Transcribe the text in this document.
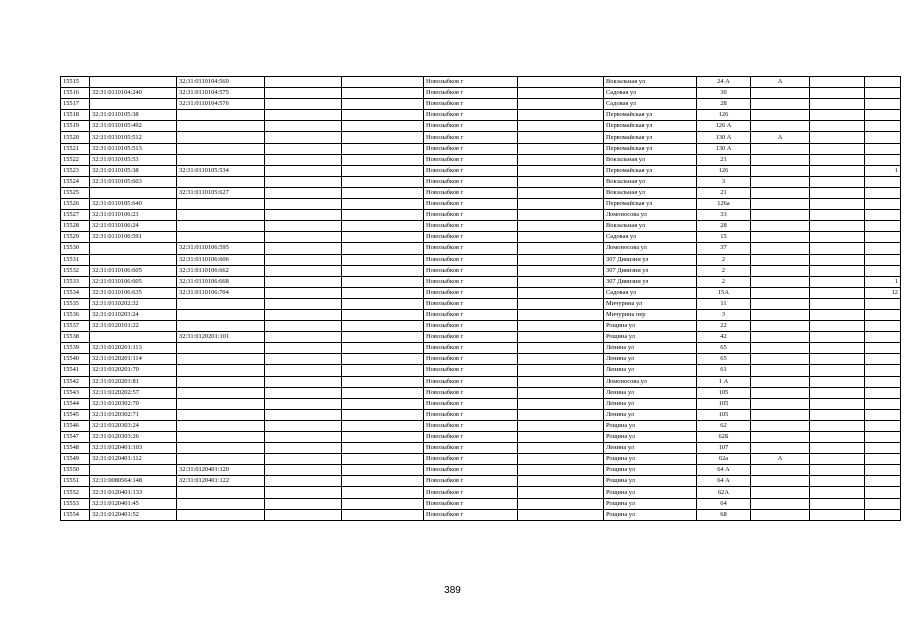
15515		32:31:0110104:560			Новозыбков г		Вокзальная ул	24 А	А		
15516	32:31:0110104:240	32:31:0110104:575			Новозыбков г		Садовая ул	30			
15517		32:31:0110104:576			Новозыбков г		Садовая ул	28			
15518	32:31:0110105:38				Новозыбков г		Первомайская ул	126			
15519	32:31:0110105:492				Новозыбков г		Первомайская ул	126 А			
15520	32:31:0110105:512				Новозыбков г		Первомайская ул	130 А	А		
15521	32:31:0110105:513				Новозыбков г		Первомайская ул	130 А			
15522	32:31:0110105:53				Новозыбков г		Вокзальная ул	21			
15523	32:31:0110105:38	32:31:0110105:534			Новозыбков г		Первомайская ул	126			1
15524	32:31:0110105:603				Новозыбков г		Вокзальная ул	3			
15525		32:31:0110105:627			Новозыбков г		Вокзальная ул	21			
15526	32:31:0110105:640				Новозыбков г		Первомайская ул	126а			
15527	32:31:0110106:23				Новозыбков г		Ломоносова ул	33			
15528	32:31:0110106:24				Новозыбков г		Вокзальная ул	28			
15529	32:31:0110106:591				Новозыбков г		Садовая ул	15			
15530		32:31:0110106:595			Новозыбков г		Ломоносова ул	37			
15531		32:31:0110106:606			Новозыбков г		307 Дивизии ул	2			
15532	32:31:0110106:605	32:31:0110106:662			Новозыбков г		307 Дивизии ул	2			
15533	32:31:0110106:605	32:31:0110106:668			Новозыбков г		307 Дивизии ул	2			1
15534	32:31:0110106:635	32:31:0110106:704			Новозыбков г		Садовая ул	15А			12
15535	32:31:0110202:32				Новозыбков г		Мичурина ул	11			
15536	32:31:0110203:24				Новозыбков г		Мичурина пер	3			
15537	32:31:0120101:22				Новозыбков г		Рощина ул	22			
15538		32:31:0120201:101			Новозыбков г		Рощина ул	42			
15539	32:31:0120201:113				Новозыбков г		Ленина ул	65			
15540	32:31:0120201:114				Новозыбков г		Ленина ул	65			
15541	32:31:0120201:70				Новозыбков г		Ленина ул	61			
15542	32:31:0120201:81				Новозыбков г		Ломоносова ул	1 А			
15543	32:31:0120202:57				Новозыбков г		Ленина ул	105			
15544	32:31:0120302:70				Новозыбков г		Ленина ул	105			
15545	32:31:0120302:71				Новозыбков г		Ленина ул	105			
15546	32:31:0120303:24				Новозыбков г		Рощина ул	62			
15547	32:31:0120303:26				Новозыбков г		Рощина ул	62Б			
15548	32:31:0120401:103				Новозыбков г		Ленина ул	107			
15549	32:31:0120401:112				Новозыбков г		Рощина ул	62а	А		
15550		32:31:0120401:120			Новозыбков г		Рощина ул	64 А			
15551	32:31:0080564:148	32:31:0120401:122			Новозыбков г		Рощина ул	64 А			
15552	32:31:0120401:133				Новозыбков г		Рощина ул	62А			
15553	32:31:0120401:45				Новозыбков г		Рощина ул	64			
15554	32:31:0120401:52				Новозыбков г		Рощина ул	68			
389
